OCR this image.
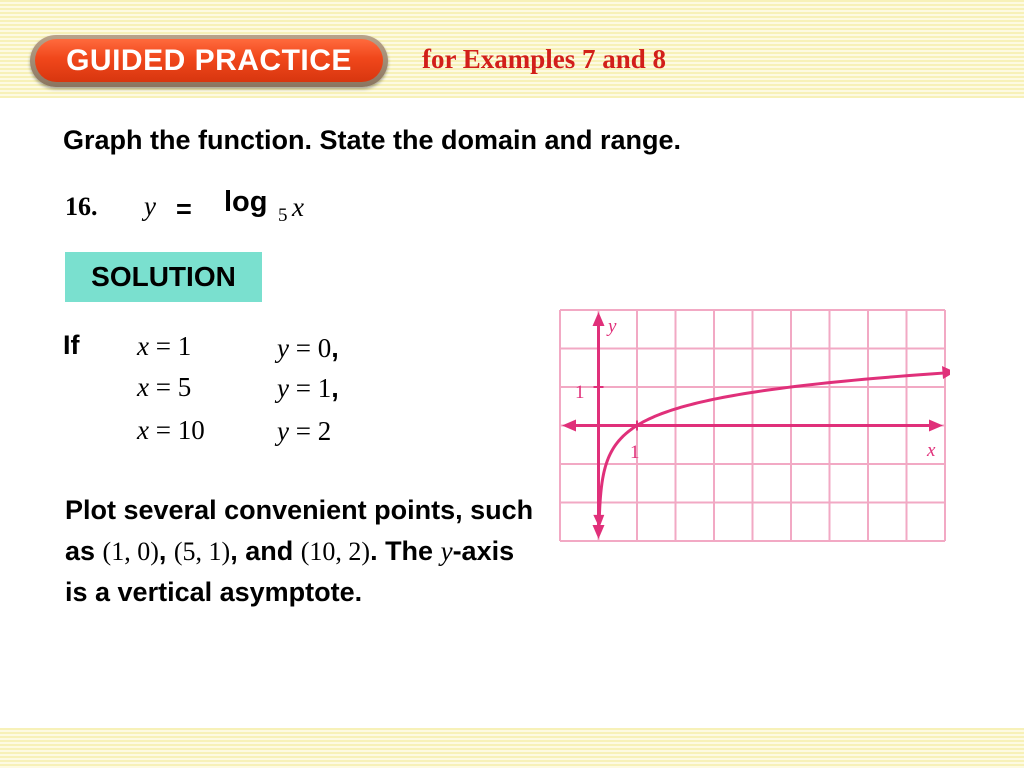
GUIDED PRACTICE	for Examples 7 and 8
Graph the function. State the domain and range.
16. y = log 5 x
SOLUTION
If x = 1	y = 0,
x = 5	y = 1,
x = 10	y = 2
Plot several convenient points, such as (1, 0), (5, 1), and (10, 2). The y-axis is a vertical asymptote.
y
x
1
1
